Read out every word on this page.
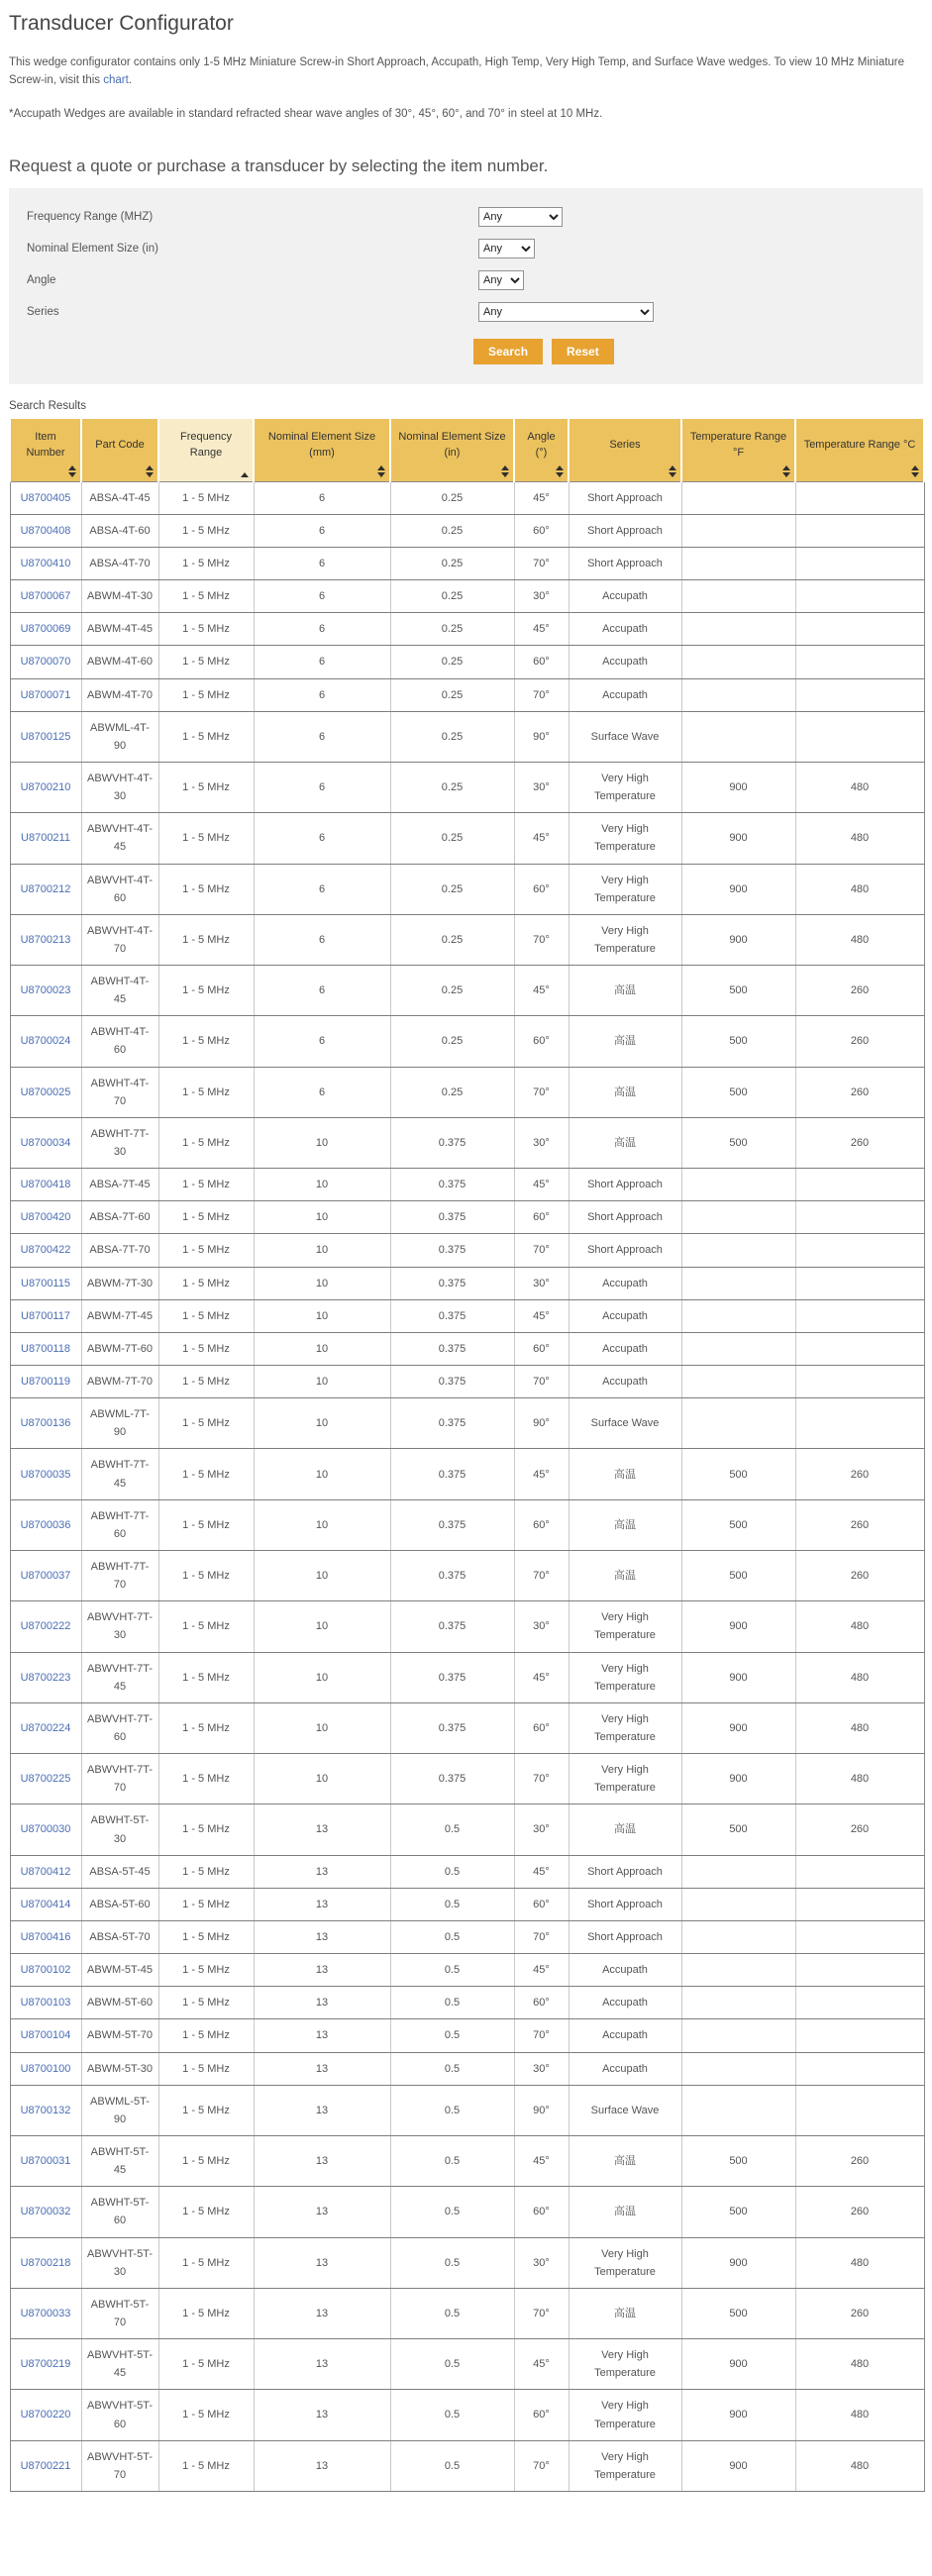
Transducer Configurator

This wedge configurator contains only 1-5 MHz Miniature Screw-in Short Approach, Accupath, High Temp, Very High Temp, and Surface Wave wedges. To view 10 MHz Miniature Screw-in, visit this chart.

*Accupath Wedges are available in standard refracted shear wave angles of 30°, 45°, 60°, and 70° in steel at 10 MHz.

Request a quote or purchase a transducer by selecting the item number.
Frequency Range (MHZ)
Any
Nominal Element Size (in)
Any
Angle
Any
Series
Any
Search	Reset
Search Results
Item Number	Part Code	Frequency Range	Nominal Element Size (mm)	Nominal Element Size (in)	Angle (°)	Series	Temperature Range °F	Temperature Range °C

U8700405	ABSA-4T-45	1 - 5 MHz	6	0.25	45°	Short Approach		
U8700408	ABSA-4T-60	1 - 5 MHz	6	0.25	60°	Short Approach		
U8700410	ABSA-4T-70	1 - 5 MHz	6	0.25	70°	Short Approach		
U8700067	ABWM-4T-30	1 - 5 MHz	6	0.25	30°	Accupath		
U8700069	ABWM-4T-45	1 - 5 MHz	6	0.25	45°	Accupath		
U8700070	ABWM-4T-60	1 - 5 MHz	6	0.25	60°	Accupath		
U8700071	ABWM-4T-70	1 - 5 MHz	6	0.25	70°	Accupath		
U8700125	ABWML-4T-90	1 - 5 MHz	6	0.25	90°	Surface Wave		
U8700210	ABWVHT-4T-30	1 - 5 MHz	6	0.25	30°	Very High Temperature	900	480
U8700211	ABWVHT-4T-45	1 - 5 MHz	6	0.25	45°	Very High Temperature	900	480
U8700212	ABWVHT-4T-60	1 - 5 MHz	6	0.25	60°	Very High Temperature	900	480
U8700213	ABWVHT-4T-70	1 - 5 MHz	6	0.25	70°	Very High Temperature	900	480
U8700023	ABWHT-4T-45	1 - 5 MHz	6	0.25	45°	高温	500	260
U8700024	ABWHT-4T-60	1 - 5 MHz	6	0.25	60°	高温	500	260
U8700025	ABWHT-4T-70	1 - 5 MHz	6	0.25	70°	高温	500	260
U8700034	ABWHT-7T-30	1 - 5 MHz	10	0.375	30°	高温	500	260
U8700418	ABSA-7T-45	1 - 5 MHz	10	0.375	45°	Short Approach		
U8700420	ABSA-7T-60	1 - 5 MHz	10	0.375	60°	Short Approach		
U8700422	ABSA-7T-70	1 - 5 MHz	10	0.375	70°	Short Approach		
U8700115	ABWM-7T-30	1 - 5 MHz	10	0.375	30°	Accupath		
U8700117	ABWM-7T-45	1 - 5 MHz	10	0.375	45°	Accupath		
U8700118	ABWM-7T-60	1 - 5 MHz	10	0.375	60°	Accupath		
U8700119	ABWM-7T-70	1 - 5 MHz	10	0.375	70°	Accupath		
U8700136	ABWML-7T-90	1 - 5 MHz	10	0.375	90°	Surface Wave		
U8700035	ABWHT-7T-45	1 - 5 MHz	10	0.375	45°	高温	500	260
U8700036	ABWHT-7T-60	1 - 5 MHz	10	0.375	60°	高温	500	260
U8700037	ABWHT-7T-70	1 - 5 MHz	10	0.375	70°	高温	500	260
U8700222	ABWVHT-7T-30	1 - 5 MHz	10	0.375	30°	Very High Temperature	900	480
U8700223	ABWVHT-7T-45	1 - 5 MHz	10	0.375	45°	Very High Temperature	900	480
U8700224	ABWVHT-7T-60	1 - 5 MHz	10	0.375	60°	Very High Temperature	900	480
U8700225	ABWVHT-7T-70	1 - 5 MHz	10	0.375	70°	Very High Temperature	900	480
U8700030	ABWHT-5T-30	1 - 5 MHz	13	0.5	30°	高温	500	260
U8700412	ABSA-5T-45	1 - 5 MHz	13	0.5	45°	Short Approach		
U8700414	ABSA-5T-60	1 - 5 MHz	13	0.5	60°	Short Approach		
U8700416	ABSA-5T-70	1 - 5 MHz	13	0.5	70°	Short Approach		
U8700102	ABWM-5T-45	1 - 5 MHz	13	0.5	45°	Accupath		
U8700103	ABWM-5T-60	1 - 5 MHz	13	0.5	60°	Accupath		
U8700104	ABWM-5T-70	1 - 5 MHz	13	0.5	70°	Accupath		
U8700100	ABWM-5T-30	1 - 5 MHz	13	0.5	30°	Accupath		
U8700132	ABWML-5T-90	1 - 5 MHz	13	0.5	90°	Surface Wave		
U8700031	ABWHT-5T-45	1 - 5 MHz	13	0.5	45°	高温	500	260
U8700032	ABWHT-5T-60	1 - 5 MHz	13	0.5	60°	高温	500	260
U8700218	ABWVHT-5T-30	1 - 5 MHz	13	0.5	30°	Very High Temperature	900	480
U8700033	ABWHT-5T-70	1 - 5 MHz	13	0.5	70°	高温	500	260
U8700219	ABWVHT-5T-45	1 - 5 MHz	13	0.5	45°	Very High Temperature	900	480
U8700220	ABWVHT-5T-60	1 - 5 MHz	13	0.5	60°	Very High Temperature	900	480
U8700221	ABWVHT-5T-70	1 - 5 MHz	13	0.5	70°	Very High Temperature	900	480
